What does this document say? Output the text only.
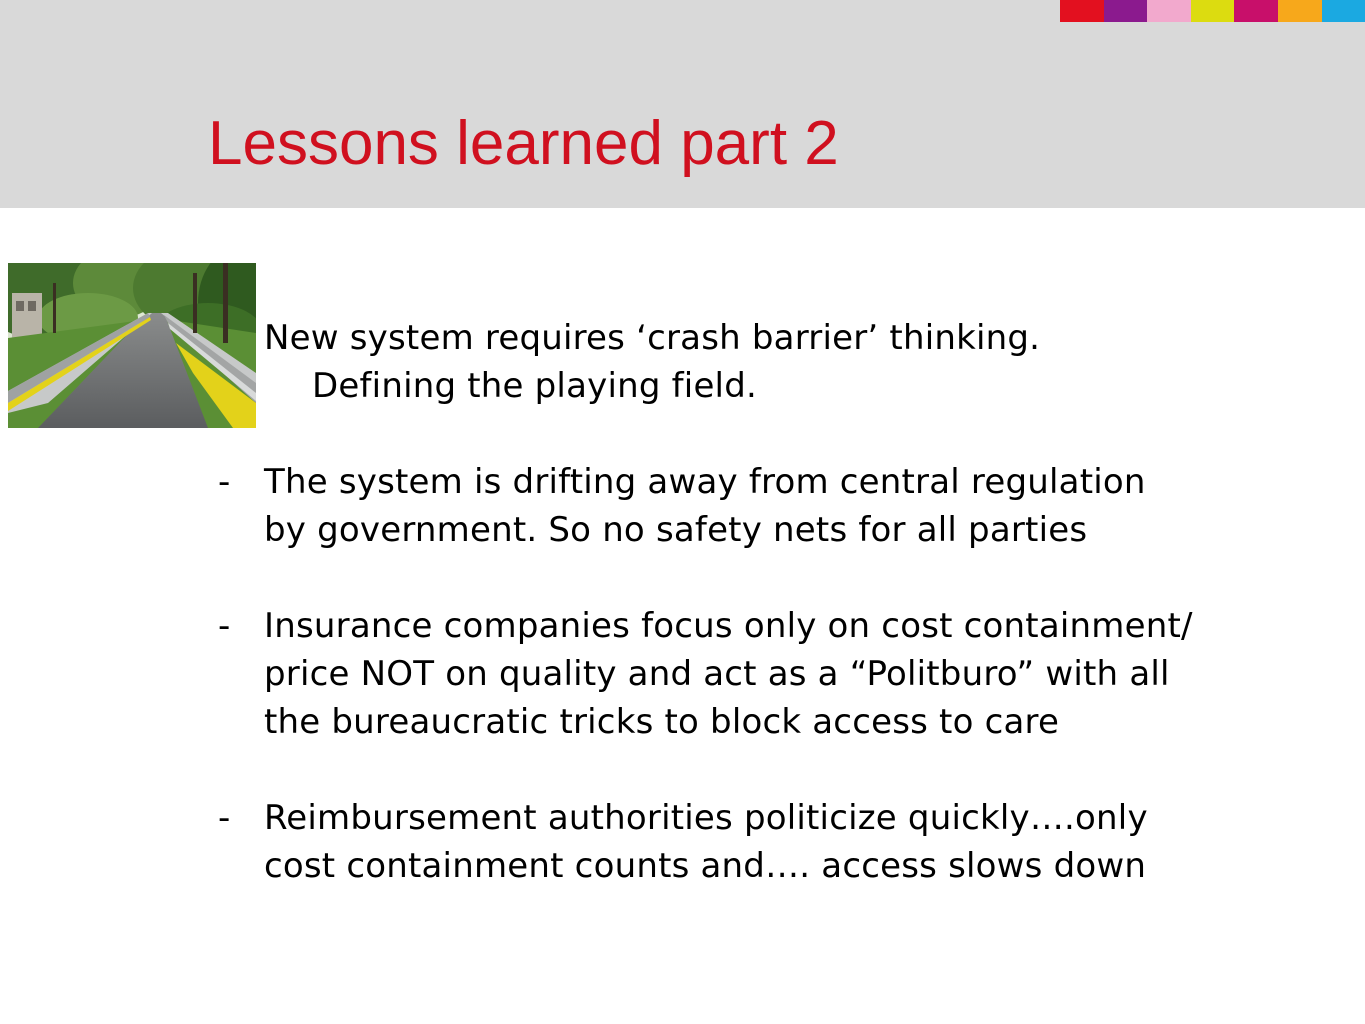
Lessons learned part 2
New system requires ‘crash barrier’ thinking.
Defining the playing field.
- The system is drifting away from central regulation
by government. So no safety nets for all parties
- Insurance companies focus only on cost containment/
price NOT on quality and act as a “Politburo” with all
the bureaucratic tricks to block access to care
- Reimbursement authorities politicize quickly….only
cost containment counts and…. access slows down
